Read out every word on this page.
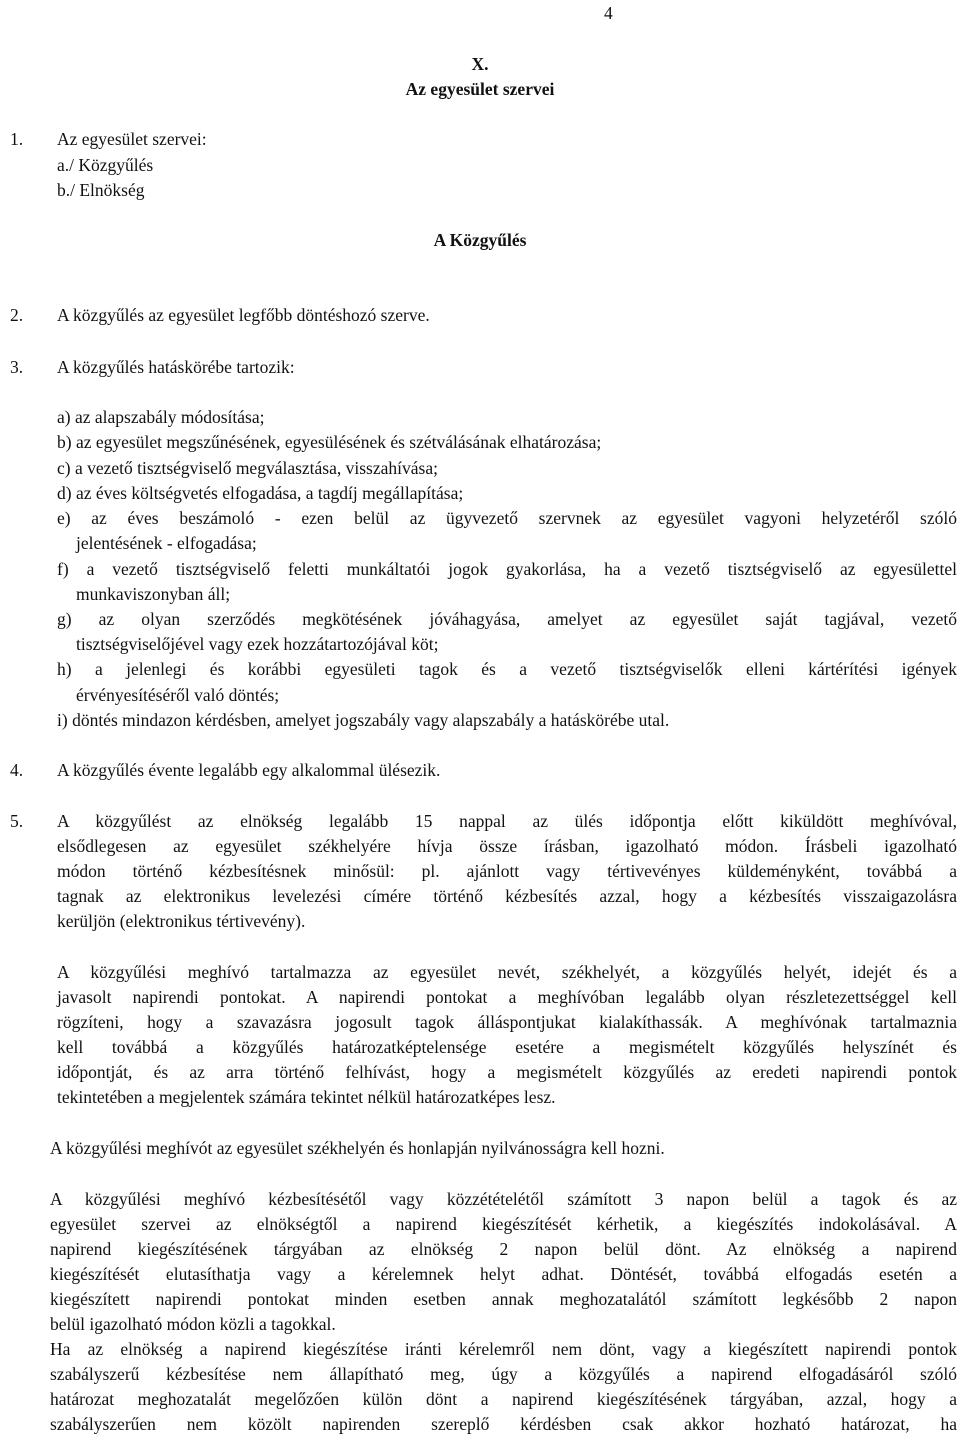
4
X.
Az egyesület szervei
1. Az egyesület szervei:
a./ Közgyűlés
b./ Elnökség
A Közgyűlés
2. A közgyűlés az egyesület legfőbb döntéshozó szerve.
3. A közgyűlés hatáskörébe tartozik:
a) az alapszabály módosítása;
b) az egyesület megszűnésének, egyesülésének és szétválásának elhatározása;
c) a vezető tisztségviselő megválasztása, visszahívása;
d) az éves költségvetés elfogadása, a tagdíj megállapítása;
e) az éves beszámoló - ezen belül az ügyvezető szervnek az egyesület vagyoni helyzetéről szóló
jelentésének - elfogadása;
f) a vezető tisztségviselő feletti munkáltatói jogok gyakorlása, ha a vezető tisztségviselő az egyesülettel
munkaviszonyban áll;
g) az olyan szerződés megkötésének jóváhagyása, amelyet az egyesület saját tagjával, vezető
tisztségviselőjével vagy ezek hozzátartozójával köt;
h) a jelenlegi és korábbi egyesületi tagok és a vezető tisztségviselők elleni kártérítési igények
érvényesítéséről való döntés;
i) döntés mindazon kérdésben, amelyet jogszabály vagy alapszabály a hatáskörébe utal.
4. A közgyűlés évente legalább egy alkalommal ülésezik.
5. A közgyűlést az elnökség legalább 15 nappal az ülés időpontja előtt kiküldött meghívóval,
elsődlegesen az egyesület székhelyére hívja össze írásban, igazolható módon. Írásbeli igazolható
módon történő kézbesítésnek minősül: pl. ajánlott vagy tértivevényes küldeményként, továbbá a
tagnak az elektronikus levelezési címére történő kézbesítés azzal, hogy a kézbesítés visszaigazolásra
kerüljön (elektronikus tértivevény).
A közgyűlési meghívó tartalmazza az egyesület nevét, székhelyét, a közgyűlés helyét, idejét és a
javasolt napirendi pontokat. A napirendi pontokat a meghívóban legalább olyan részletezettséggel kell
rögzíteni, hogy a szavazásra jogosult tagok álláspontjukat kialakíthassák. A meghívónak tartalmaznia
kell továbbá a közgyűlés határozatképtelensége esetére a megismételt közgyűlés helyszínét és
időpontját, és az arra történő felhívást, hogy a megismételt közgyűlés az eredeti napirendi pontok
tekintetében a megjelentek számára tekintet nélkül határozatképes lesz.
A közgyűlési meghívót az egyesület székhelyén és honlapján nyilvánosságra kell hozni.
A közgyűlési meghívó kézbesítésétől vagy közzétételétől számított 3 napon belül a tagok és az
egyesület szervei az elnökségtől a napirend kiegészítését kérhetik, a kiegészítés indokolásával. A
napirend kiegészítésének tárgyában az elnökség 2 napon belül dönt. Az elnökség a napirend
kiegészítését elutasíthatja vagy a kérelemnek helyt adhat. Döntését, továbbá elfogadás esetén a
kiegészített napirendi pontokat minden esetben annak meghozatalától számított legkésőbb 2 napon
belül igazolható módon közli a tagokkal.
Ha az elnökség a napirend kiegészítése iránti kérelemről nem dönt, vagy a kiegészített napirendi pontok
szabályszerű kézbesítése nem állapítható meg, úgy a közgyűlés a napirend elfogadásáról szóló
határozat meghozatalát megelőzően külön dönt a napirend kiegészítésének tárgyában, azzal, hogy a
szabályszerűen nem közölt napirenden szereplő kérdésben csak akkor hozható határozat, ha
